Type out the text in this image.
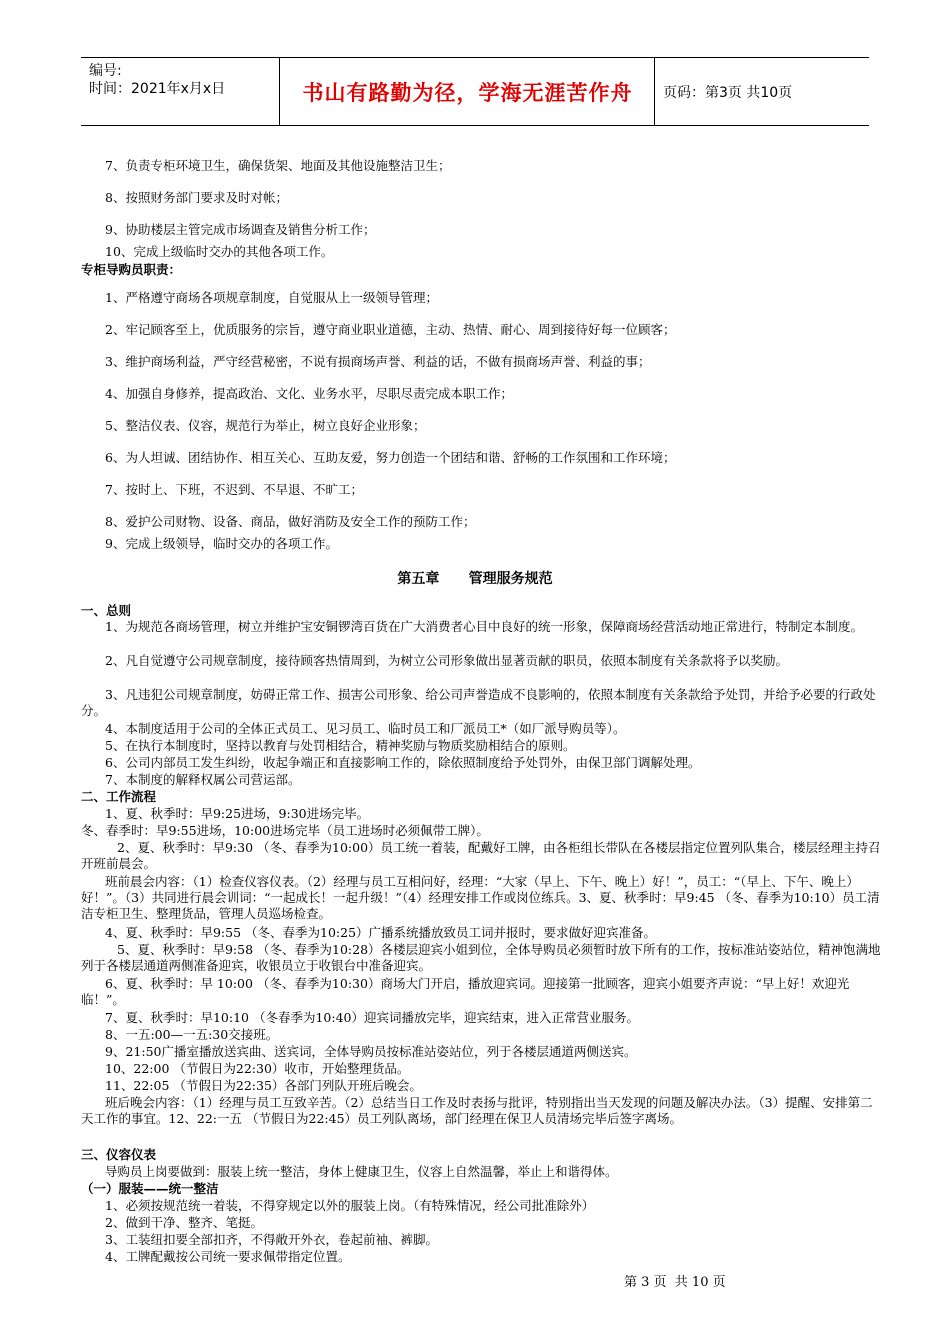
编号:
时间：2021年x月x日	书山有路勤为径，学海无涯苦作舟	页码：第3页 共10页
7、负责专柜环境卫生，确保货架、地面及其他设施整洁卫生；
8、按照财务部门要求及时对帐；
9、协助楼层主管完成市场调查及销售分析工作；
10、完成上级临时交办的其他各项工作。
专柜导购员职责：
1、严格遵守商场各项规章制度，自觉服从上一级领导管理；
2、牢记顾客至上，优质服务的宗旨，遵守商业职业道德，主动、热情、耐心、周到接待好每一位顾客；
3、维护商场利益，严守经营秘密，不说有损商场声誉、利益的话，不做有损商场声誉、利益的事；
4、加强自身修养，提高政治、文化、业务水平，尽职尽责完成本职工作；
5、整洁仪表、仪容，规范行为举止，树立良好企业形象；
6、为人坦诚、团结协作、相互关心、互助友爱，努力创造一个团结和谐、舒畅的工作氛围和工作环境；
7、按时上、下班，不迟到、不早退、不旷工；
8、爱护公司财物、设备、商品，做好消防及安全工作的预防工作；
9、完成上级领导，临时交办的各项工作。
第五章      管理服务规范
一、总则
1、为规范各商场管理，树立并维护宝安铜锣湾百货在广大消费者心目中良好的统一形象，保障商场经营活动地正常进行，特制定本制度。
2、凡自觉遵守公司规章制度，接待顾客热情周到，为树立公司形象做出显著贡献的职员，依照本制度有关条款将予以奖励。
3、凡违犯公司规章制度，妨碍正常工作、损害公司形象、给公司声誉造成不良影响的，依照本制度有关条款给予处罚，并给予必要的行政处分。
4、本制度适用于公司的全体正式员工、见习员工、临时员工和厂派员工*（如厂派导购员等）。
5、在执行本制度时，坚持以教育与处罚相结合，精神奖励与物质奖励相结合的原则。
6、公司内部员工发生纠纷，收起争端正和直接影响工作的，除依照制度给予处罚外，由保卫部门调解处理。
7、本制度的解释权属公司营运部。
二、工作流程
1、夏、秋季时：早9:25进场，9:30进场完毕。
冬、春季时：早9:55进场，10:00进场完毕（员工进场时必须佩带工牌）。
2、夏、秋季时：早9:30 （冬、春季为10:00）员工统一着装，配戴好工牌，由各柜组长带队在各楼层指定位置列队集合，楼层经理主持召开班前晨会。
班前晨会内容：（1）检查仪容仪表。（2）经理与员工互相问好，经理：“大家（早上、下午、晚上）好！”，员工：“（早上、下午、晚上）好！”。（3）共同进行晨会训词：“一起成长！一起升级！”（4）经理安排工作或岗位练兵。3、夏、秋季时：早9:45 （冬、春季为10:10）员工清洁专柜卫生、整理货品，管理人员巡场检查。
4、夏、秋季时：早9:55 （冬、春季为10:25）广播系统播放致员工词并报时，要求做好迎宾准备。
5、夏、秋季时：早9:58 （冬、春季为10:28）各楼层迎宾小姐到位，全体导购员必须暂时放下所有的工作，按标准站姿站位，精神饱满地列于各楼层通道两侧准备迎宾，收银员立于收银台中准备迎宾。
6、夏、秋季时：早 10:00 （冬、春季为10:30）商场大门开启，播放迎宾词。迎接第一批顾客，迎宾小姐要齐声说：“早上好！欢迎光临！”。
7、夏、秋季时：早10:10 （冬春季为10:40）迎宾词播放完毕，迎宾结束，进入正常营业服务。
8、一五:00—一五:30交接班。
9、21:50广播室播放送宾曲、送宾词，全体导购员按标准站姿站位，列于各楼层通道两侧送宾。
10、22:00 （节假日为22:30）收市，开始整理货品。
11、22:05 （节假日为22:35）各部门列队开班后晚会。
班后晚会内容：（1）经理与员工互致辛苦。（2）总结当日工作及时表扬与批评，特别指出当天发现的问题及解决办法。（3）提醒、安排第二天工作的事宜。12、22:一五 （节假日为22:45）员工列队离场，部门经理在保卫人员清场完毕后签字离场。
三、仪容仪表
导购员上岗要做到：服装上统一整洁，身体上健康卫生，仪容上自然温馨，举止上和谐得体。
（一）服装——统一整洁
1、必须按规范统一着装，不得穿规定以外的服装上岗。（有特殊情况，经公司批准除外）
2、做到干净、整齐、笔挺。
3、工装纽扣要全部扣齐，不得敞开外衣，卷起前袖、裤脚。
4、工牌配戴按公司统一要求佩带指定位置。
第 3 页  共 10 页
